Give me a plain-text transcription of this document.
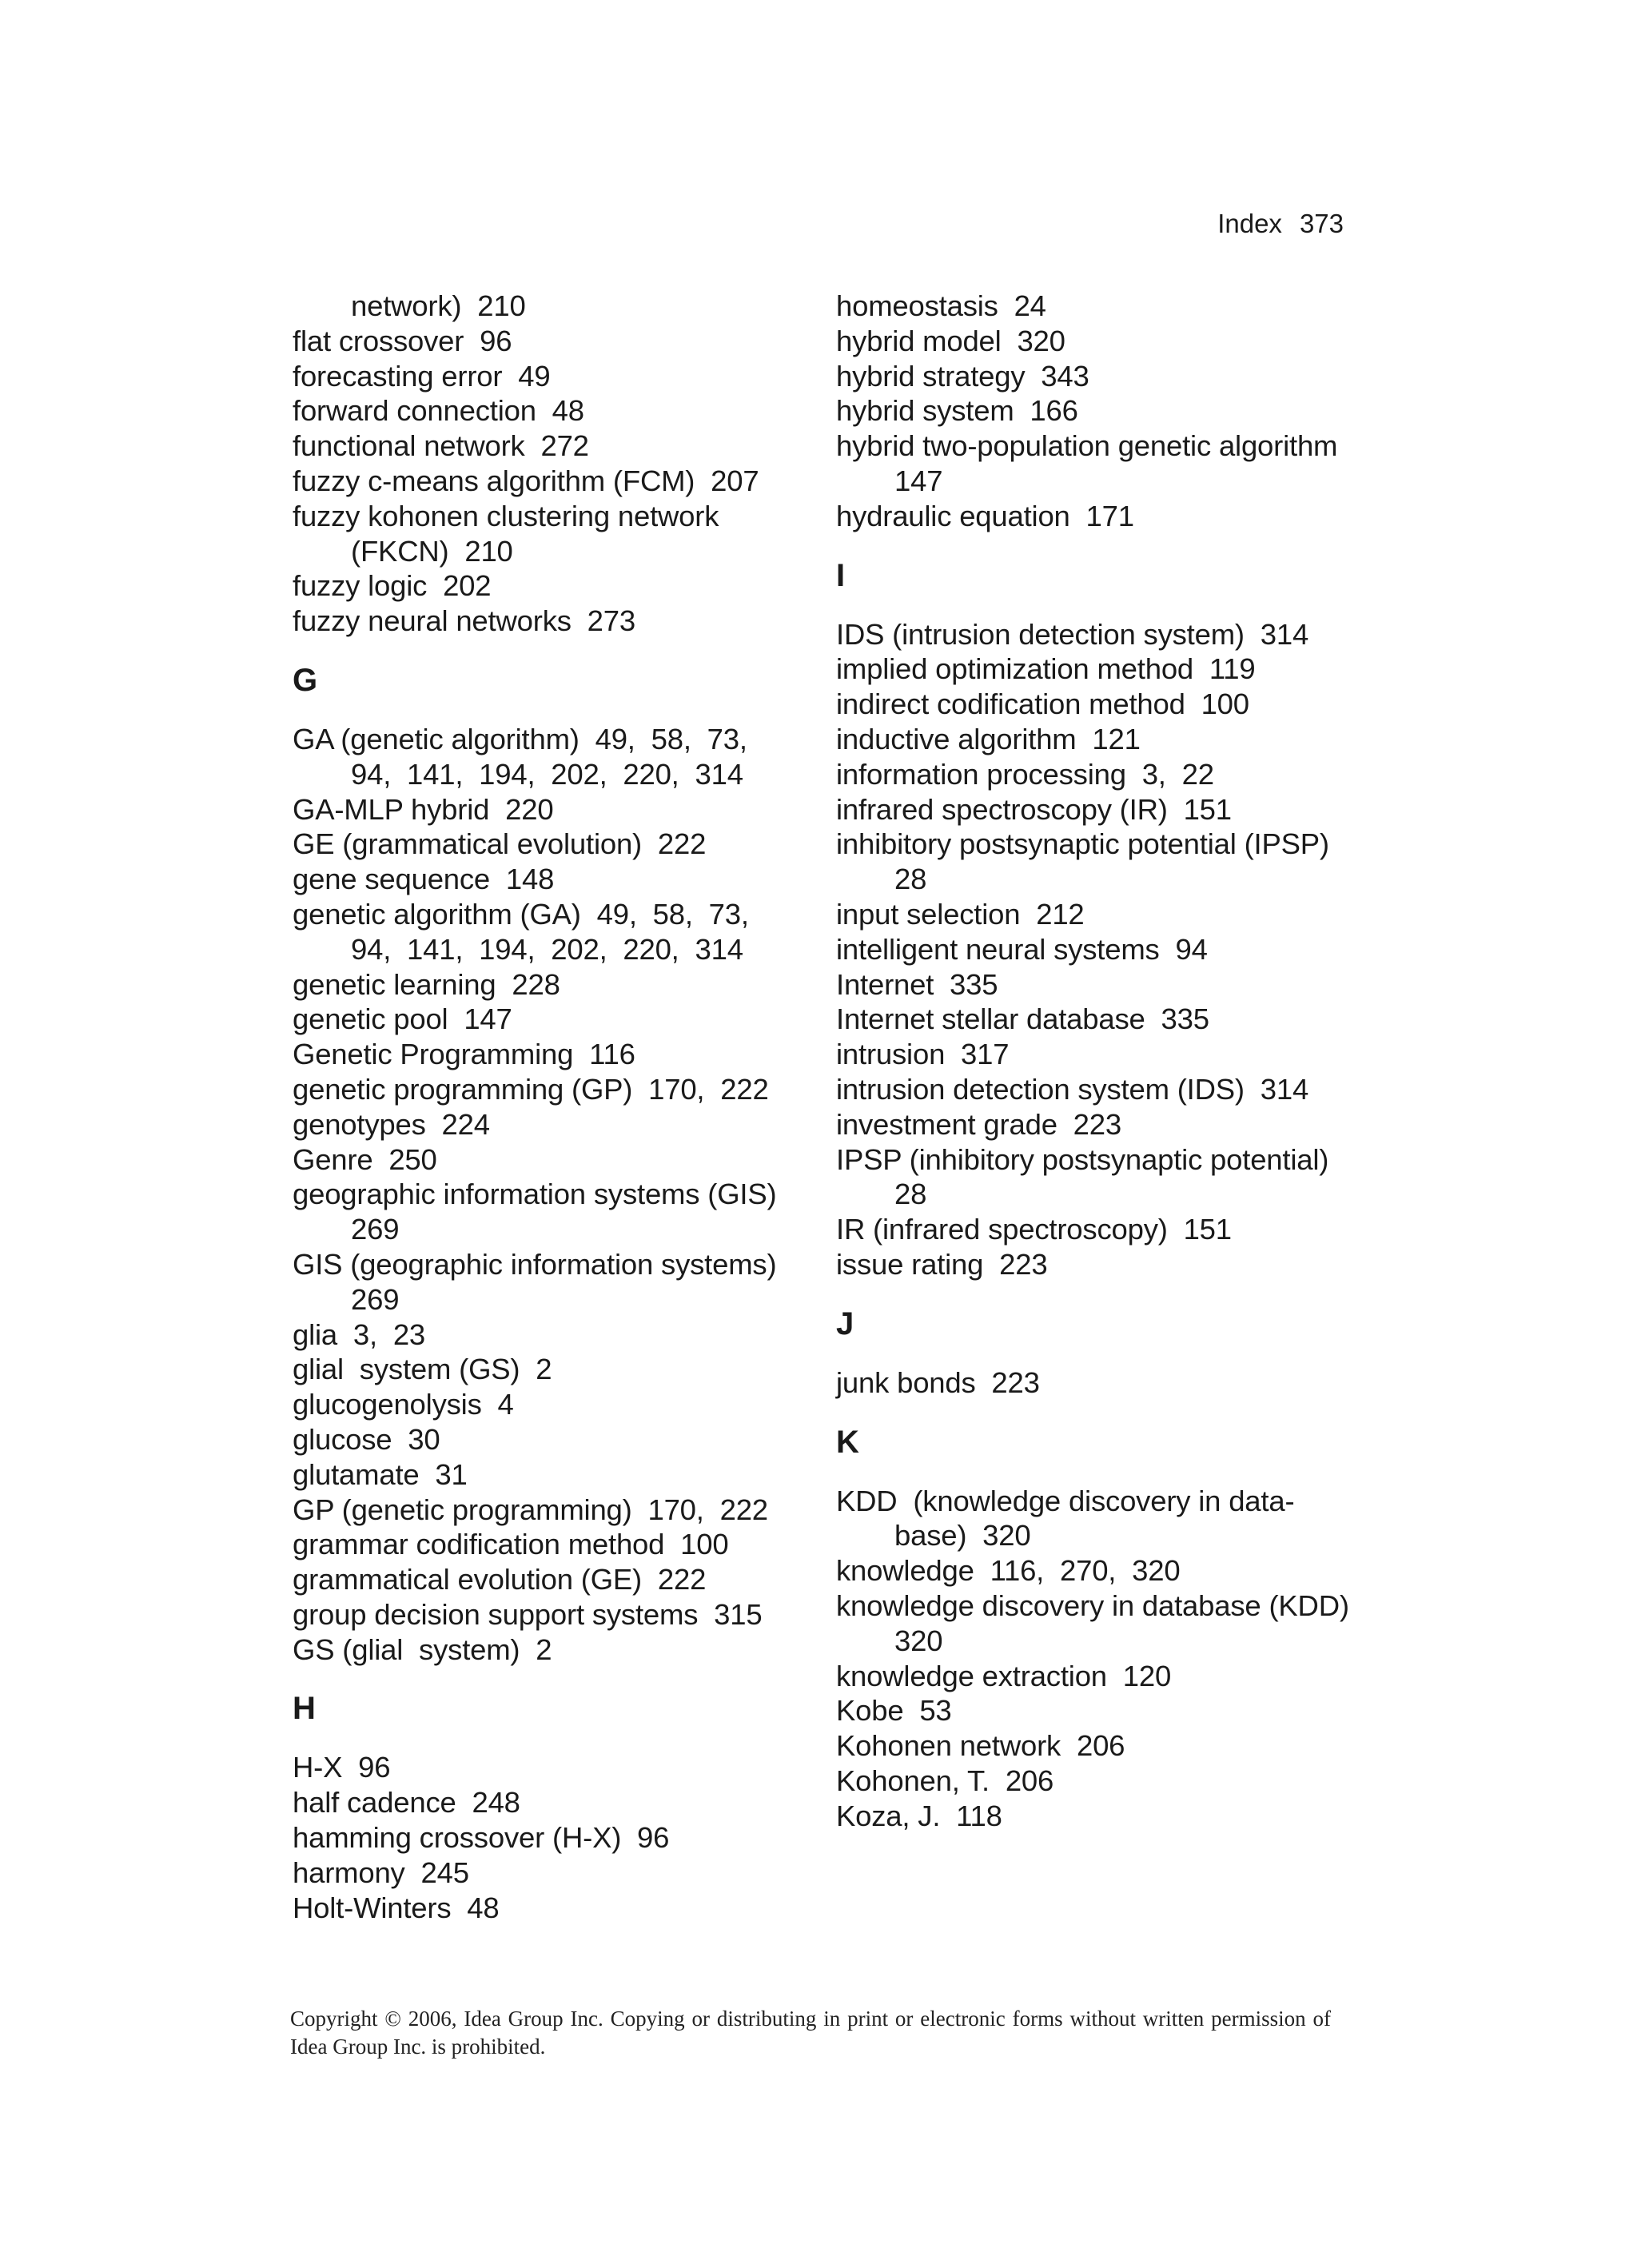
Index 373
network)  210
flat crossover  96
forecasting error  49
forward connection  48
functional network  272
fuzzy c-means algorithm (FCM)  207
fuzzy kohonen clustering network
(FKCN)  210
fuzzy logic  202
fuzzy neural networks  273
G
GA (genetic algorithm)  49,  58,  73,
94,  141,  194,  202,  220,  314
GA-MLP hybrid  220
GE (grammatical evolution)  222
gene sequence  148
genetic algorithm (GA)  49,  58,  73,
94,  141,  194,  202,  220,  314
genetic learning  228
genetic pool  147
Genetic Programming  116
genetic programming (GP)  170,  222
genotypes  224
Genre  250
geographic information systems (GIS)
269
GIS (geographic information systems)
269
glia  3,  23
glial  system (GS)  2
glucogenolysis  4
glucose  30
glutamate  31
GP (genetic programming)  170,  222
grammar codification method  100
grammatical evolution (GE)  222
group decision support systems  315
GS (glial  system)  2
H
H-X  96
half cadence  248
hamming crossover (H-X)  96
harmony  245
Holt-Winters  48
homeostasis  24
hybrid model  320
hybrid strategy  343
hybrid system  166
hybrid two-population genetic algorithm
147
hydraulic equation  171
I
IDS (intrusion detection system)  314
implied optimization method  119
indirect codification method  100
inductive algorithm  121
information processing  3,  22
infrared spectroscopy (IR)  151
inhibitory postsynaptic potential (IPSP)
28
input selection  212
intelligent neural systems  94
Internet  335
Internet stellar database  335
intrusion  317
intrusion detection system (IDS)  314
investment grade  223
IPSP (inhibitory postsynaptic potential)
28
IR (infrared spectroscopy)  151
issue rating  223
J
junk bonds  223
K
KDD  (knowledge discovery in data-
base)  320
knowledge  116,  270,  320
knowledge discovery in database (KDD)
320
knowledge extraction  120
Kobe  53
Kohonen network  206
Kohonen, T.  206
Koza, J.  118
Copyright © 2006, Idea Group Inc. Copying or distributing in print or electronic forms without written permission of Idea Group Inc. is prohibited.
